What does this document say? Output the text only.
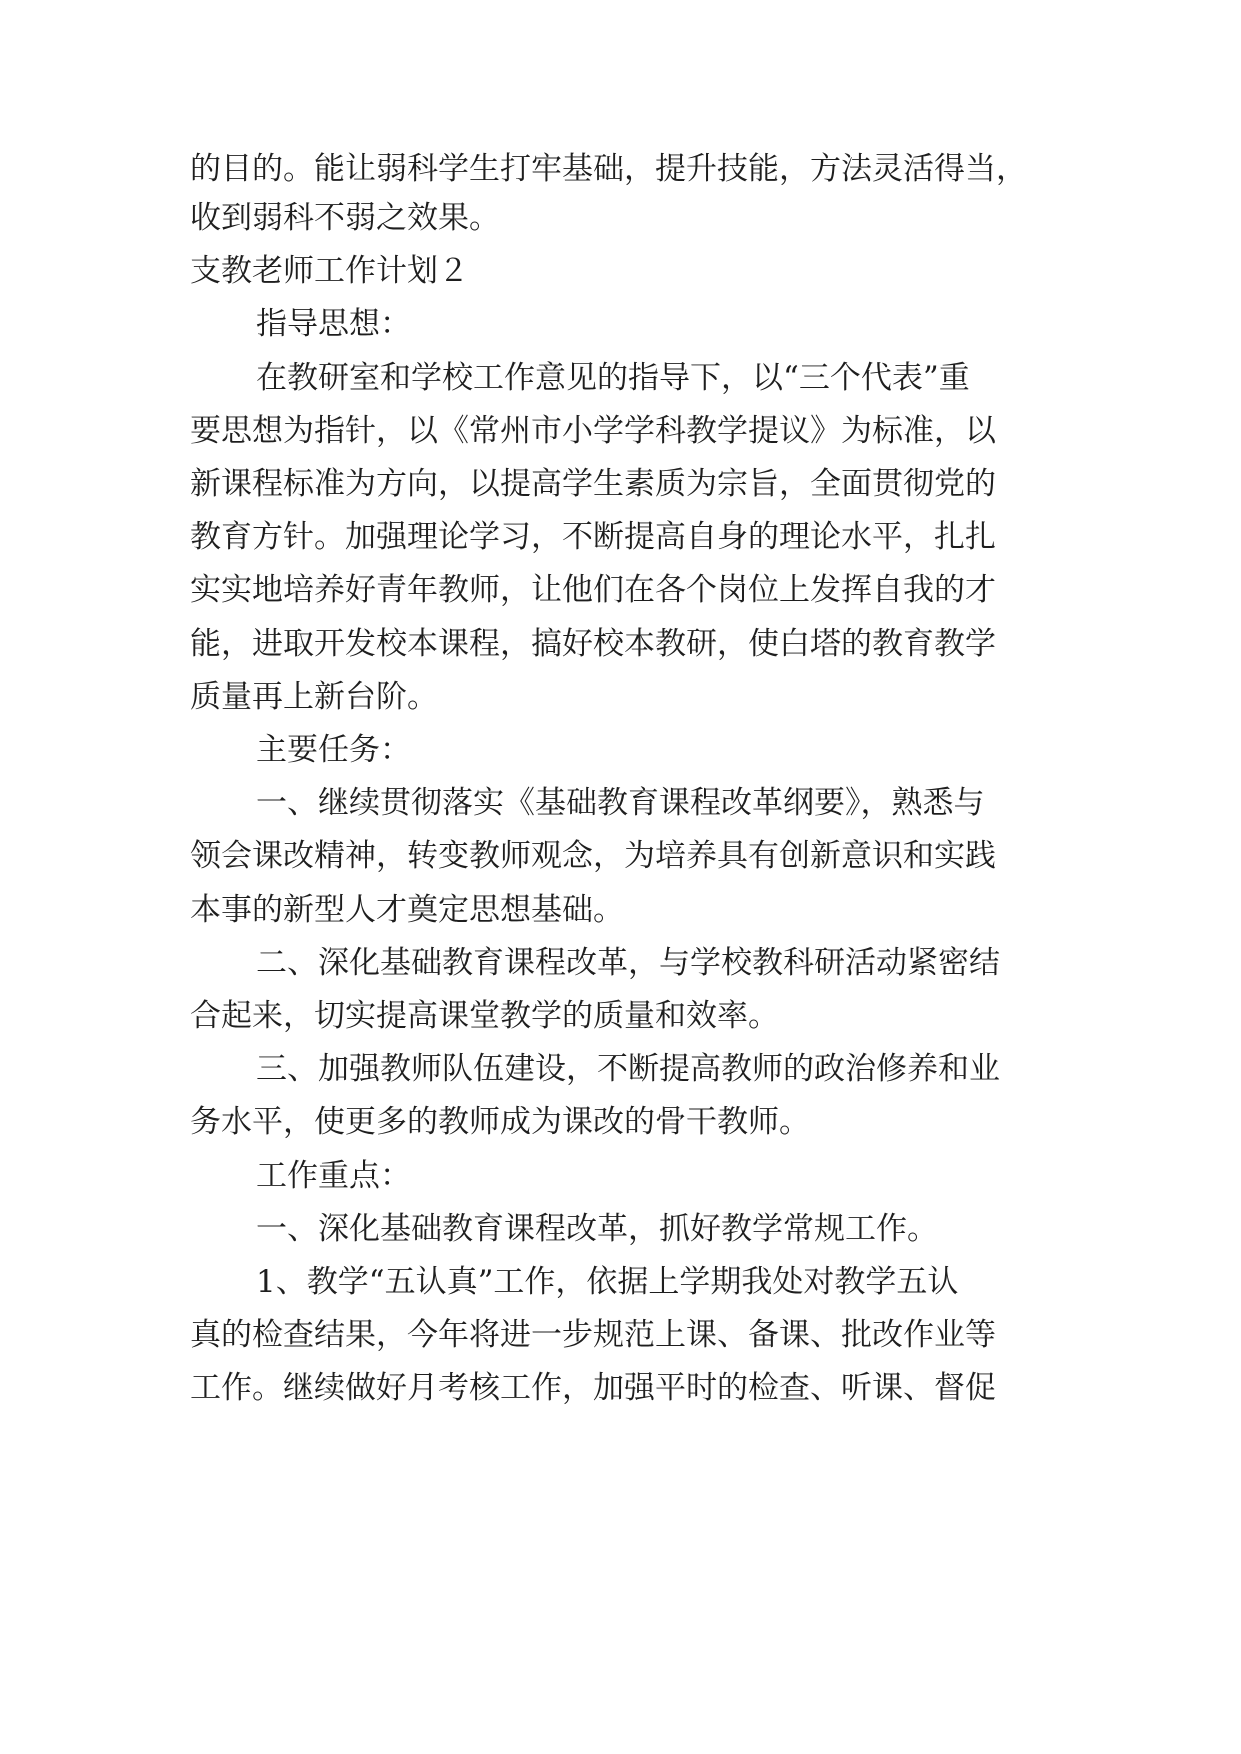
的目的。能让弱科学生打牢基础，提升技能，方法灵活得当，
收到弱科不弱之效果。
支教老师工作计划２
指导思想：
在教研室和学校工作意见的指导下，以“三个代表”重
要思想为指针，以《常州市小学学科教学提议》为标准，以
新课程标准为方向，以提高学生素质为宗旨，全面贯彻党的
教育方针。加强理论学习，不断提高自身的理论水平，扎扎
实实地培养好青年教师，让他们在各个岗位上发挥自我的才
能，进取开发校本课程，搞好校本教研，使白塔的教育教学
质量再上新台阶。
主要任务：
一、继续贯彻落实《基础教育课程改革纲要》，熟悉与
领会课改精神，转变教师观念，为培养具有创新意识和实践
本事的新型人才奠定思想基础。
二、深化基础教育课程改革，与学校教科研活动紧密结
合起来，切实提高课堂教学的质量和效率。
三、加强教师队伍建设，不断提高教师的政治修养和业
务水平，使更多的教师成为课改的骨干教师。
工作重点：
一、深化基础教育课程改革，抓好教学常规工作。
1、教学“五认真”工作，依据上学期我处对教学五认
真的检查结果，今年将进一步规范上课、备课、批改作业等
工作。继续做好月考核工作，加强平时的检查、听课、督促
